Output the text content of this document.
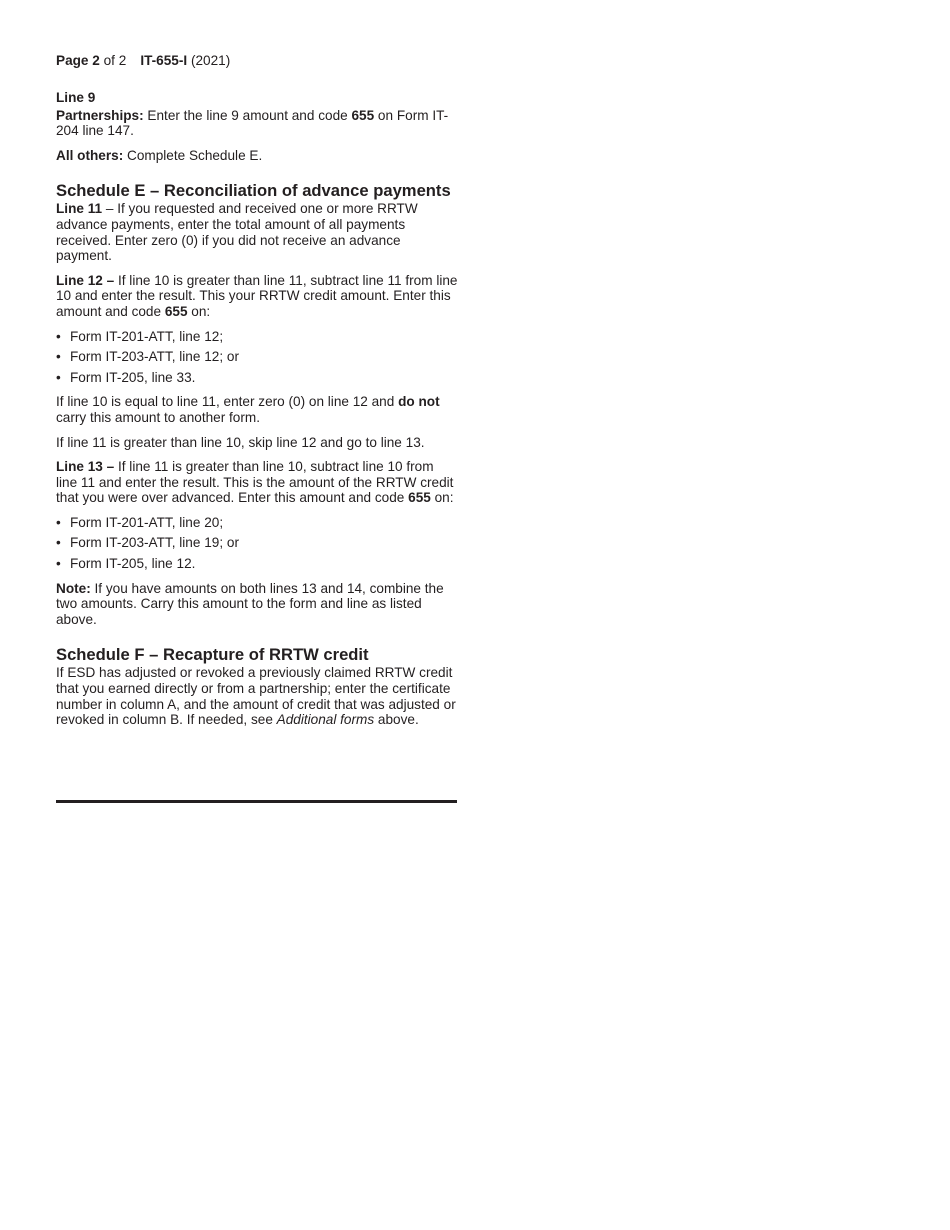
Page 2 of 2 IT-655-I (2021)
Line 9

Partnerships: Enter the line 9 amount and code 655 on Form IT-204 line 147.

All others: Complete Schedule E.

Schedule E – Reconciliation of advance payments

Line 11 – If you requested and received one or more RRTW advance payments, enter the total amount of all payments received. Enter zero (0) if you did not receive an advance payment.

Line 12 – If line 10 is greater than line 11, subtract line 11 from line 10 and enter the result. This your RRTW credit amount. Enter this amount and code 655 on:

• Form IT-201-ATT, line 12;
• Form IT-203-ATT, line 12; or
• Form IT-205, line 33.

If line 10 is equal to line 11, enter zero (0) on line 12 and do not carry this amount to another form.

If line 11 is greater than line 10, skip line 12 and go to line 13.

Line 13 – If line 11 is greater than line 10, subtract line 10 from line 11 and enter the result. This is the amount of the RRTW credit that you were over advanced. Enter this amount and code 655 on:

• Form IT-201-ATT, line 20;
• Form IT-203-ATT, line 19; or
• Form IT-205, line 12.

Note: If you have amounts on both lines 13 and 14, combine the two amounts. Carry this amount to the form and line as listed above.

Schedule F – Recapture of RRTW credit

If ESD has adjusted or revoked a previously claimed RRTW credit that you earned directly or from a partnership; enter the certificate number in column A, and the amount of credit that was adjusted or revoked in column B. If needed, see Additional forms above.
